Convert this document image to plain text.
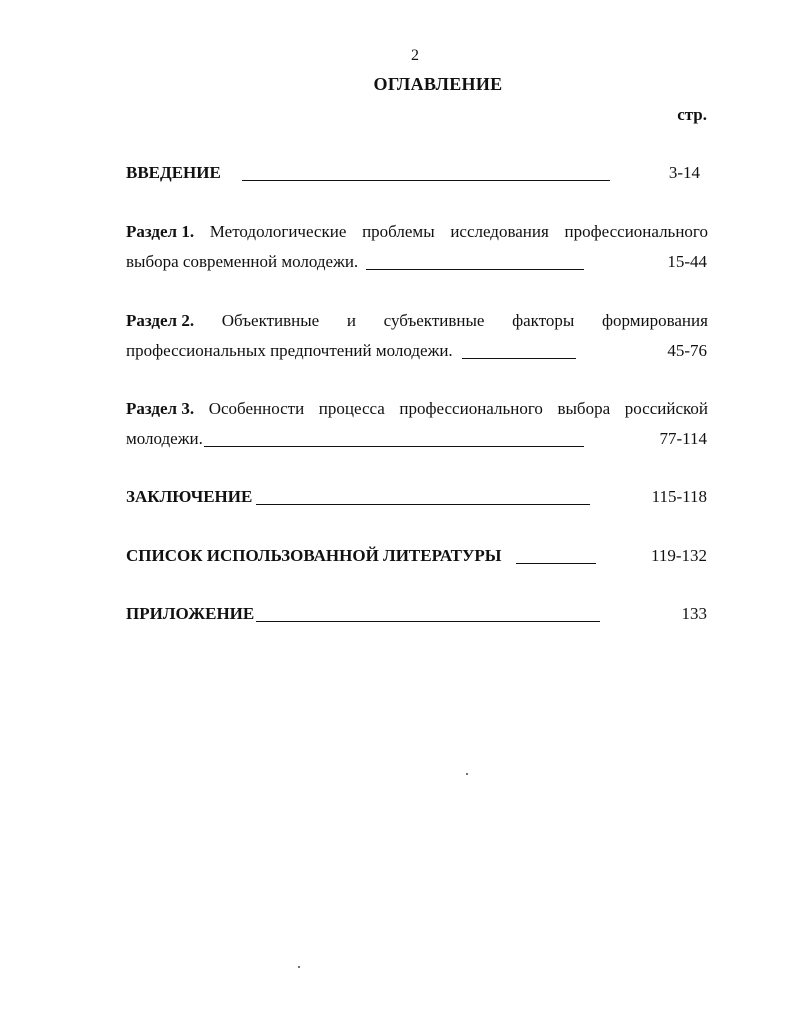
2
ОГЛАВЛЕНИЕ
стр.
ВВЕДЕНИЕ	3-14
Раздел 1. Методологические проблемы исследования профессионального
выбора современной молодежи.	15-44
Раздел 2. Объективные и субъективные факторы формирования
профессиональных предпочтений молодежи.	45-76
Раздел 3. Особенности процесса профессионального выбора российской
молодежи.	77-114
ЗАКЛЮЧЕНИЕ	115-118
СПИСОК ИСПОЛЬЗОВАННОЙ ЛИТЕРАТУРЫ	119-132
ПРИЛОЖЕНИЕ	133
